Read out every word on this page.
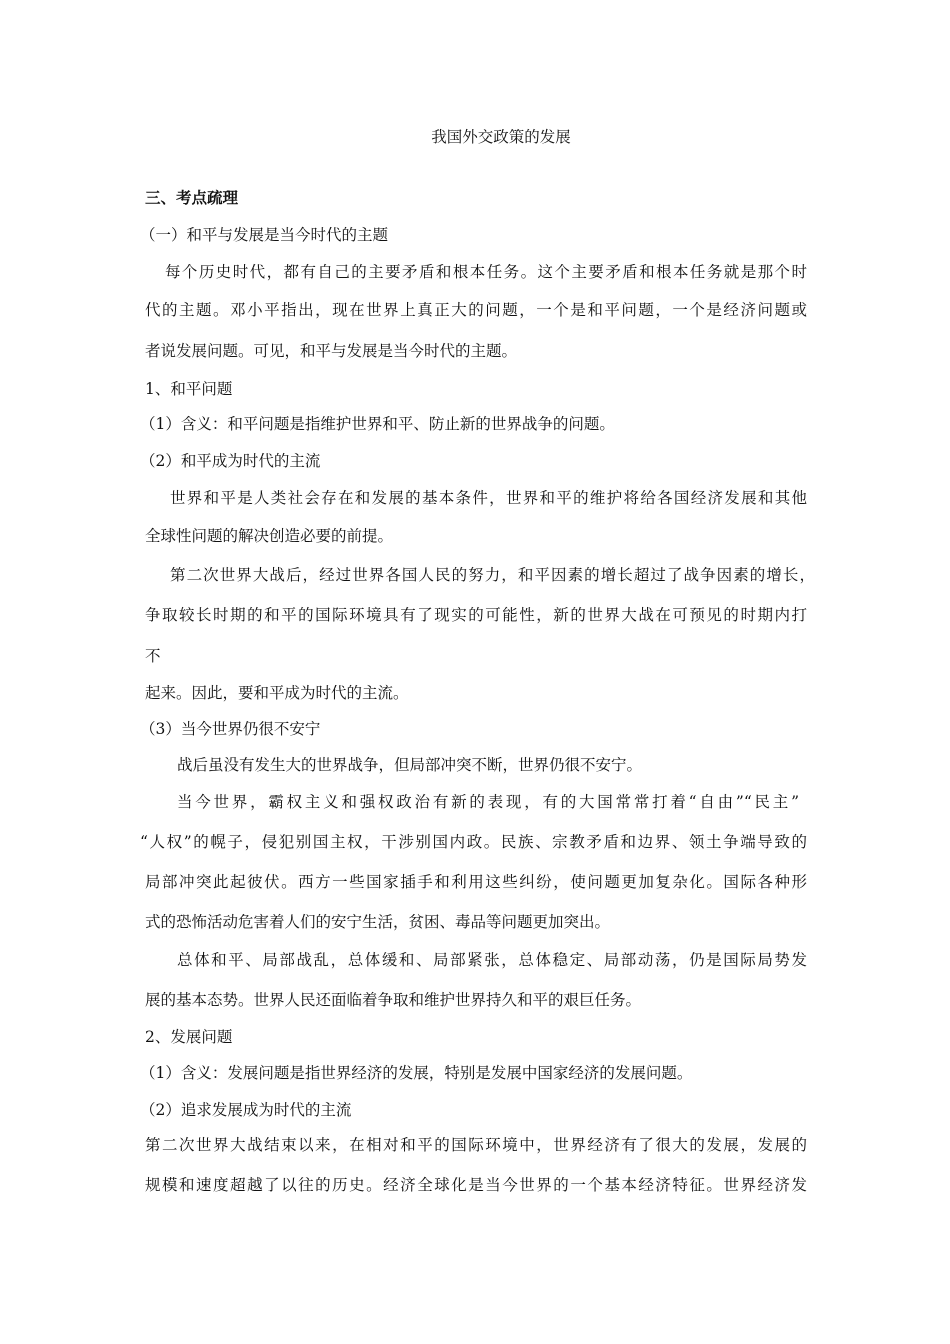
我国外交政策的发展
三、考点疏理
（一）和平与发展是当今时代的主题
每个历史时代，都有自己的主要矛盾和根本任务。这个主要矛盾和根本任务就是那个时
代的主题。邓小平指出，现在世界上真正大的问题，一个是和平问题，一个是经济问题或
者说发展问题。可见，和平与发展是当今时代的主题。
1、和平问题
（1）含义：和平问题是指维护世界和平、防止新的世界战争的问题。
（2）和平成为时代的主流
世界和平是人类社会存在和发展的基本条件，世界和平的维护将给各国经济发展和其他
全球性问题的解决创造必要的前提。
第二次世界大战后，经过世界各国人民的努力，和平因素的增长超过了战争因素的增长，
争取较长时期的和平的国际环境具有了现实的可能性，新的世界大战在可预见的时期内打
不
起来。因此，要和平成为时代的主流。
（3）当今世界仍很不安宁
战后虽没有发生大的世界战争，但局部冲突不断，世界仍很不安宁。
当今世界，霸权主义和强权政治有新的表现，有的大国常常打着“自由”“民主”
“人权”的幌子，侵犯别国主权，干涉别国内政。民族、宗教矛盾和边界、领土争端导致的
局部冲突此起彼伏。西方一些国家插手和利用这些纠纷，使问题更加复杂化。国际各种形
式的恐怖活动危害着人们的安宁生活，贫困、毒品等问题更加突出。
总体和平、局部战乱，总体缓和、局部紧张，总体稳定、局部动荡，仍是国际局势发
展的基本态势。世界人民还面临着争取和维护世界持久和平的艰巨任务。
2、发展问题
（1）含义：发展问题是指世界经济的发展，特别是发展中国家经济的发展问题。
（2）追求发展成为时代的主流
第二次世界大战结束以来，在相对和平的国际环境中，世界经济有了很大的发展，发展的
规模和速度超越了以往的历史。经济全球化是当今世界的一个基本经济特征。世界经济发
